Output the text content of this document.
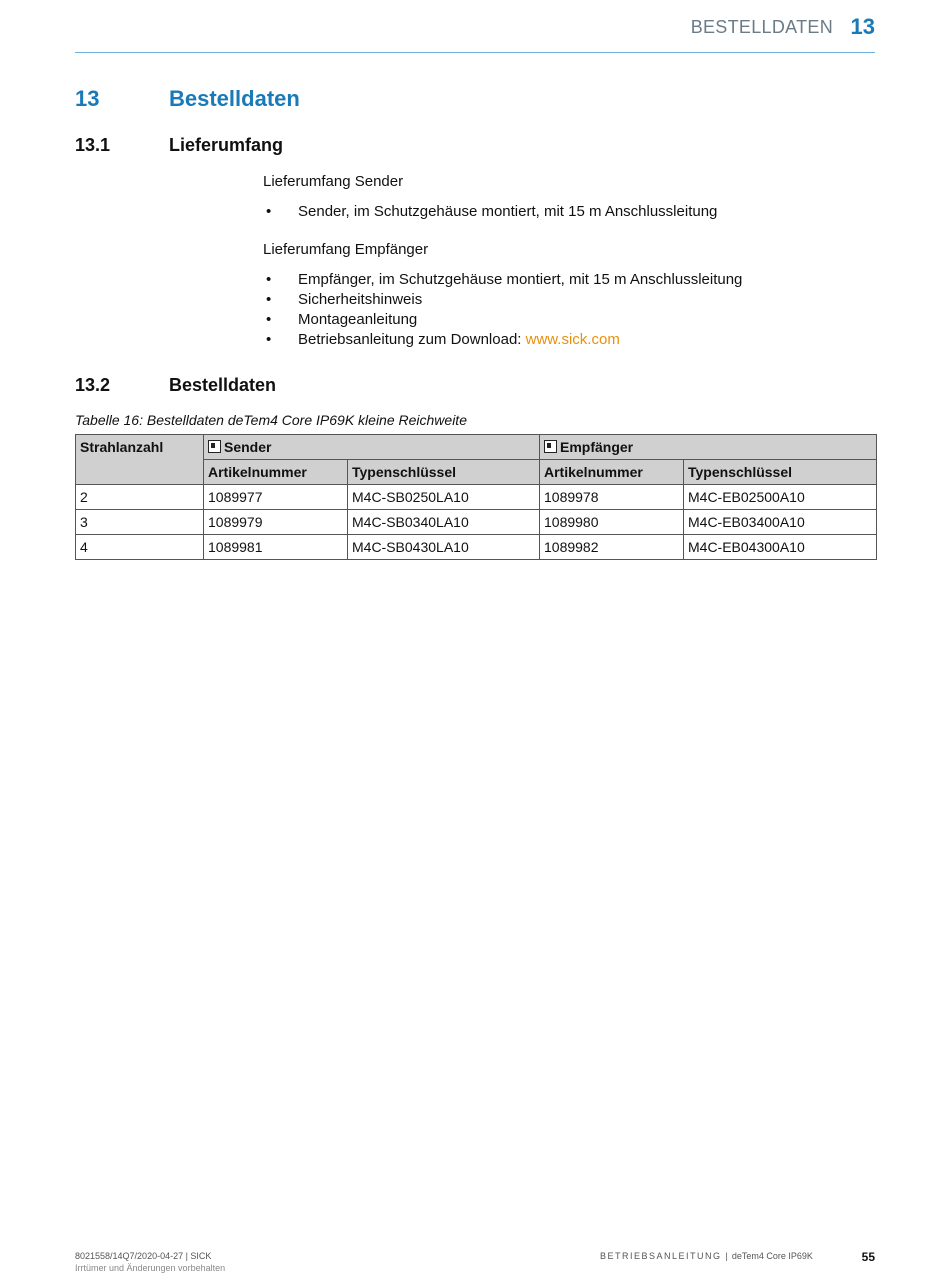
BESTELLDATEN 13
13	Bestelldaten
13.1	Lieferumfang
Lieferumfang Sender
• Sender, im Schutzgehäuse montiert, mit 15 m Anschlussleitung
Lieferumfang Empfänger
• Empfänger, im Schutzgehäuse montiert, mit 15 m Anschlussleitung
• Sicherheitshinweis
• Montageanleitung
• Betriebsanleitung zum Download: www.sick.com
13.2	Bestelldaten
Tabelle 16: Bestelldaten deTem4 Core IP69K kleine Reichweite
Strahlanzahl	Sender		Empfänger	
	Artikelnummer	Typenschlüssel	Artikelnummer	Typenschlüssel
2	1089977	M4C-SB0250LA10	1089978	M4C-EB02500A10
3	1089979	M4C-SB0340LA10	1089980	M4C-EB03400A10
4	1089981	M4C-SB0430LA10	1089982	M4C-EB04300A10
8021558/14Q7/2020-04-27 | SICK
Irrtümer und Änderungen vorbehalten
BETRIEBSANLEITUNG | deTem4 Core IP69K	55
